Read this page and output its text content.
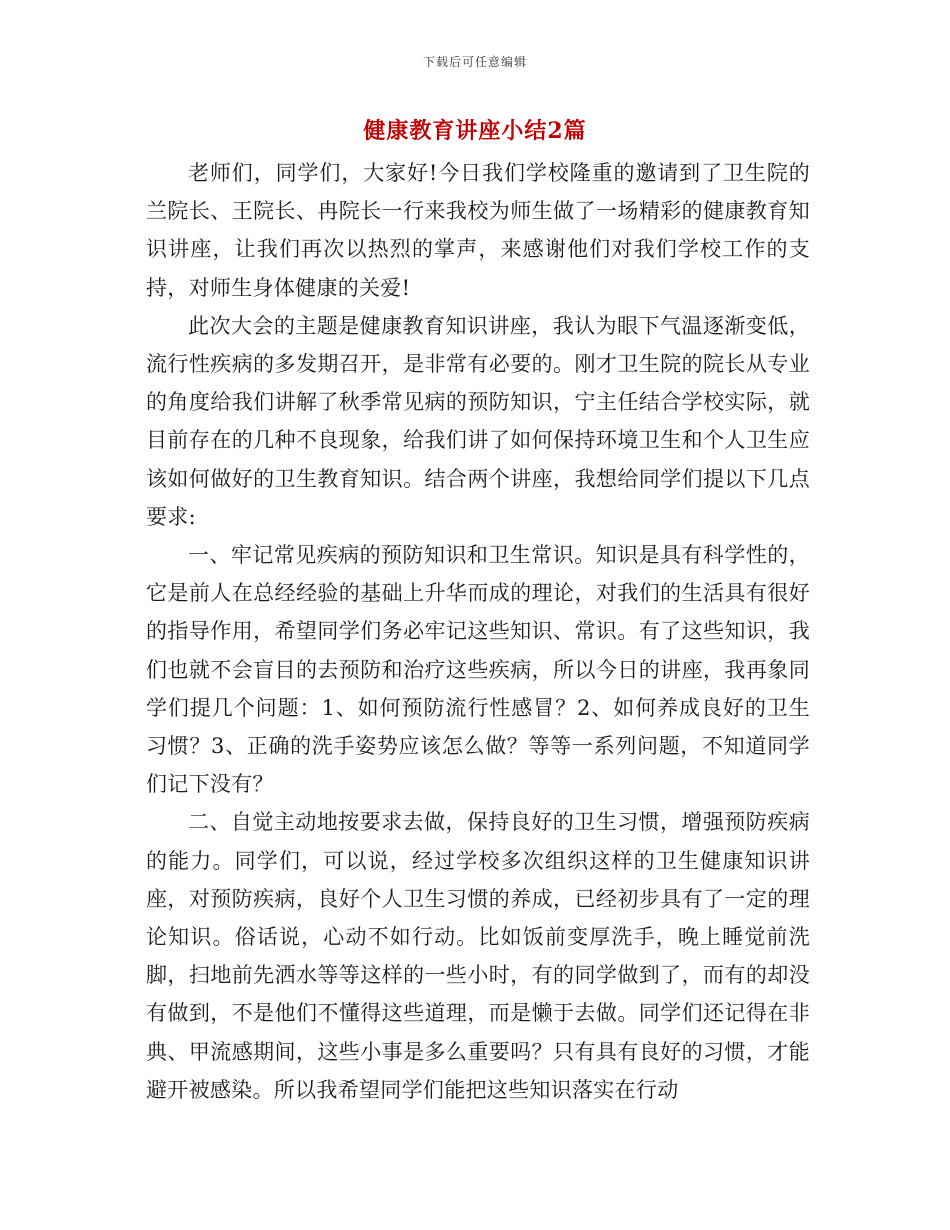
下载后可任意编辑
健康教育讲座小结2篇

老师们，同学们，大家好!今日我们学校隆重的邀请到了卫生院的兰院长、王院长、冉院长一行来我校为师生做了一场精彩的健康教育知识讲座，让我们再次以热烈的掌声，来感谢他们对我们学校工作的支持，对师生身体健康的关爱!

此次大会的主题是健康教育知识讲座，我认为眼下气温逐渐变低，流行性疾病的多发期召开，是非常有必要的。刚才卫生院的院长从专业的角度给我们讲解了秋季常见病的预防知识，宁主任结合学校实际，就目前存在的几种不良现象，给我们讲了如何保持环境卫生和个人卫生应该如何做好的卫生教育知识。结合两个讲座，我想给同学们提以下几点要求:

一、牢记常见疾病的预防知识和卫生常识。知识是具有科学性的，它是前人在总经经验的基础上升华而成的理论，对我们的生活具有很好的指导作用，希望同学们务必牢记这些知识、常识。有了这些知识，我们也就不会盲目的去预防和治疗这些疾病，所以今日的讲座，我再象同学们提几个问题：1、如何预防流行性感冒？2、如何养成良好的卫生习惯？3、正确的洗手姿势应该怎么做？等等一系列问题，不知道同学们记下没有？

二、自觉主动地按要求去做，保持良好的卫生习惯，增强预防疾病的能力。同学们，可以说，经过学校多次组织这样的卫生健康知识讲座，对预防疾病，良好个人卫生习惯的养成，已经初步具有了一定的理论知识。俗话说，心动不如行动。比如饭前变厚洗手，晚上睡觉前洗脚，扫地前先洒水等等这样的一些小时，有的同学做到了，而有的却没有做到，不是他们不懂得这些道理，而是懒于去做。同学们还记得在非典、甲流感期间，这些小事是多么重要吗？只有具有良好的习惯，才能避开被感染。所以我希望同学们能把这些知识落实在行动
